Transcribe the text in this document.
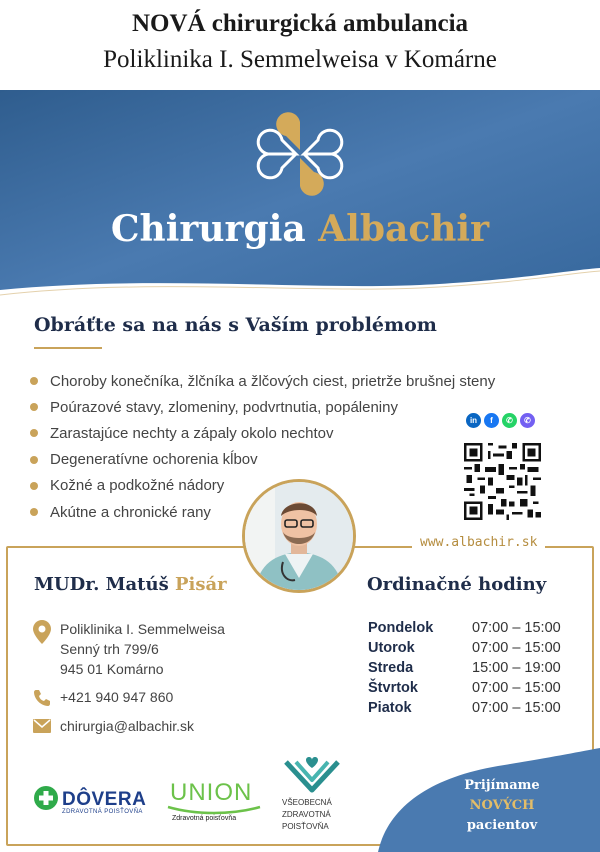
NOVÁ chirurgická ambulancia
Poliklinika I. Semmelweisa v Komárne
Chirurgia Albachir
Obráťte sa na nás s Vaším problémom
Choroby konečníka, žlčníka a žlčových ciest, prietrže brušnej steny
Poúrazové stavy, zlomeniny, podvrtnutia, popáleniny
Zarastajúce nechty a zápaly okolo nechtov
Degeneratívne ochorenia kĺbov
Kožné a podkožné nádory
Akútne a chronické rany
in	f	✆	✆
www.albachir.sk
MUDr. Matúš Pisár	Ordinačné hodiny
Poliklinika I. Semmelweisa
Senný trh 799/6
945 01 Komárno
+421 940 947 860
chirurgia@albachir.sk
Pondelok	07:00 – 15:00
Utorok	07:00 – 15:00
Streda	15:00 – 19:00
Štvrtok	07:00 – 15:00
Piatok	07:00 – 15:00
DÔVERA
ZDRAVOTNÁ POISŤOVŇA
UNION
Zdravotná poisťovňa
VŠEOBECNÁ
ZDRAVOTNÁ
POISŤOVŇA
Prijímame
NOVÝCH
pacientov
